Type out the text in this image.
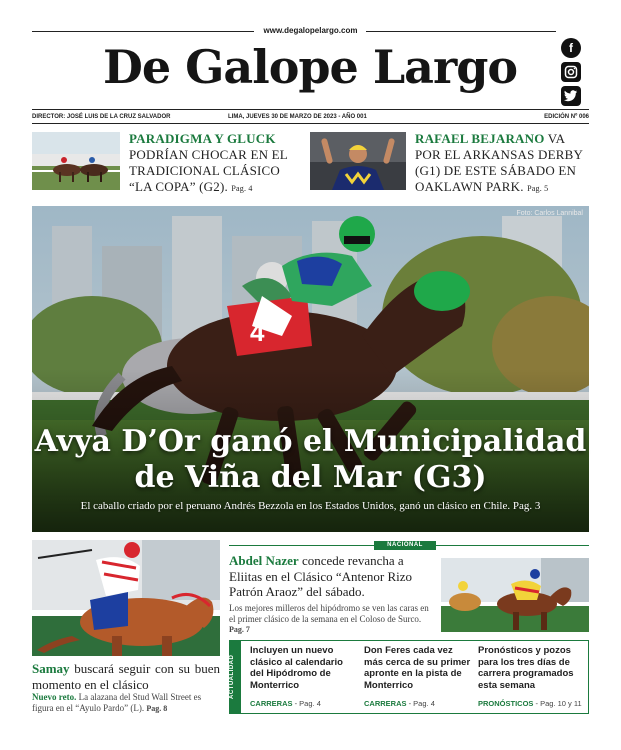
www.degalopelargo.com
De Galope Largo	f
DIRECTOR: JOSÉ LUIS DE LA CRUZ SALVADOR	LIMA, JUEVES 30 DE MARZO DE 2023 - AÑO 001	EDICIÓN Nº 006
PARADIGMA Y GLUCK
PODRÍAN CHOCAR EN EL TRADICIONAL CLÁSICO “LA COPA” (G2). Pag. 4
RAFAEL BEJARANO VA POR EL ARKANSAS DERBY (G1) DE ESTE SÁBADO EN OAKLAWN PARK. Pag. 5
Foto: Carlos Lannibal
Avya D’Or ganó el Municipalidad
de Viña del Mar (G3)
El caballo criado por el peruano Andrés Bezzola en los Estados Unidos, ganó un clásico en Chile. Pag. 3
NACIONAL
Abdel Nazer concede revancha a Eliitas en el Clásico “Antenor Rizo Patrón Araoz” del sábado.
Los mejores milleros del hipódromo se ven las caras en el primer clásico de la semana en el Coloso de Surco. Pag. 7
Samay buscará seguir con su buen momento en el clásico
Nuevo reto. La alazana del Stud Wall Street es figura en el “Ayulo Pardo” (L). Pag. 8
ACTUALIDAD
Incluyen un nuevo clásico al calendario del Hipódromo de Monterrico
CARRERAS - Pag. 4
Don Feres cada vez más cerca de su primer apronte en la pista de Monterrico
CARRERAS - Pag. 4
Pronósticos y pozos para los tres días de carrera programados esta semana
PRONÓSTICOS - Pag. 10 y 11
